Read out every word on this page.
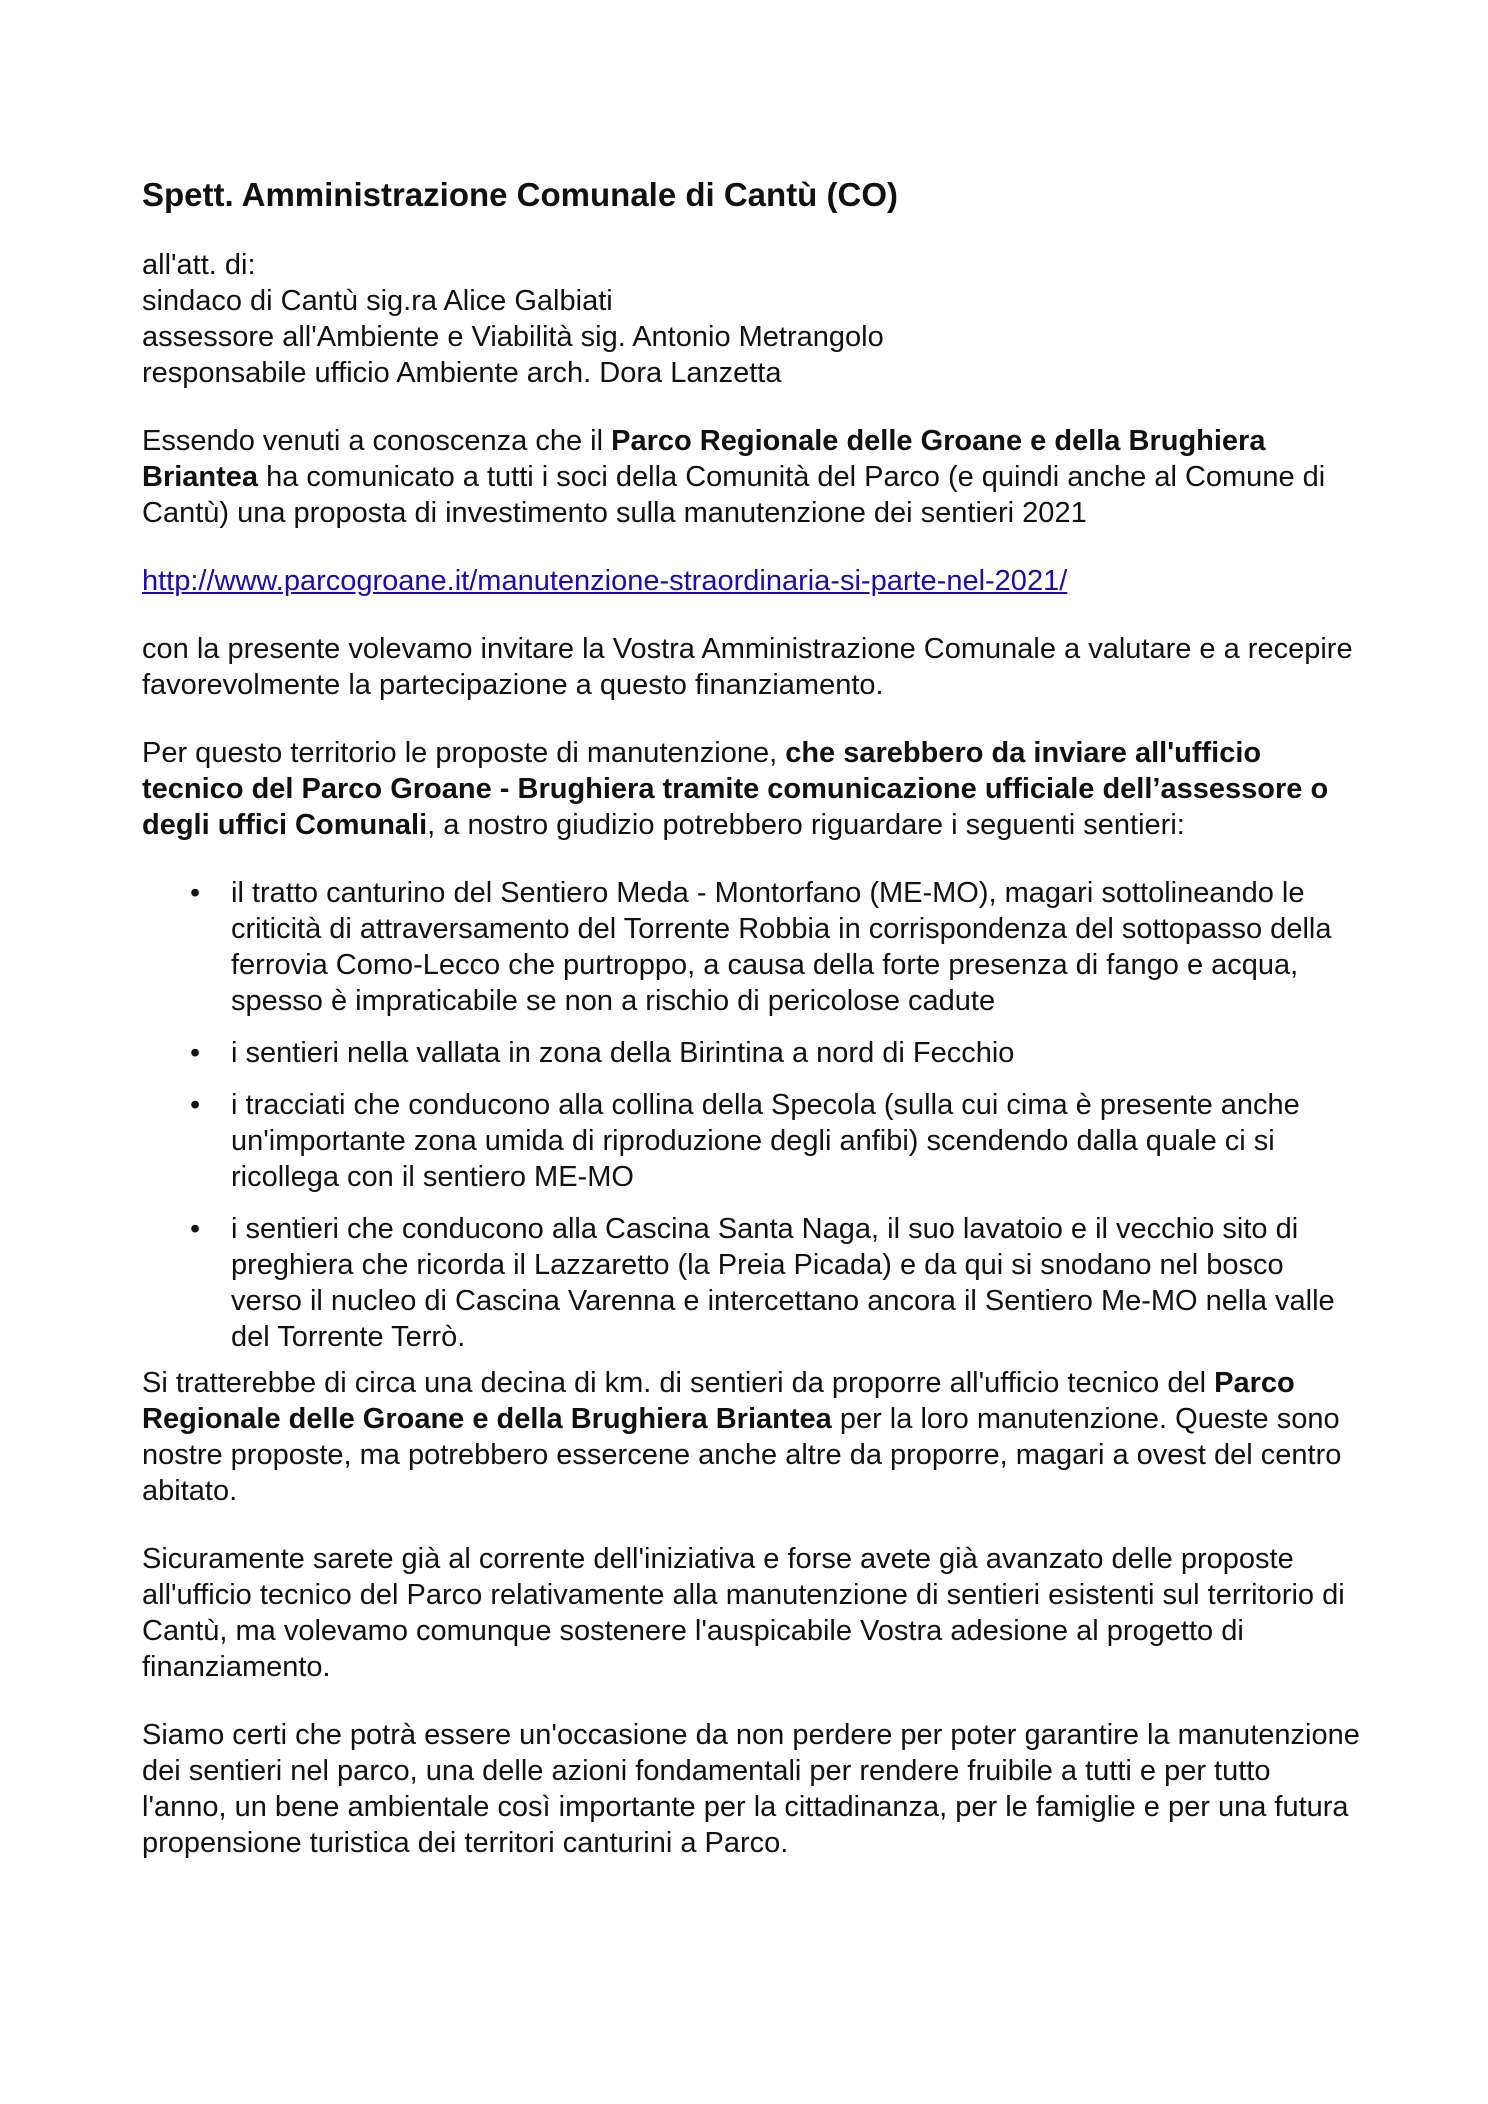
Spett. Amministrazione Comunale di Cantù (CO)

all'att. di:
sindaco di Cantù sig.ra Alice Galbiati
assessore all'Ambiente e Viabilità sig. Antonio Metrangolo
responsabile ufficio Ambiente arch. Dora Lanzetta

Essendo venuti a conoscenza che il Parco Regionale delle Groane e della Brughiera Briantea ha comunicato a tutti i soci della Comunità del Parco (e quindi anche al Comune di Cantù) una proposta di investimento sulla manutenzione dei sentieri 2021

http://www.parcogroane.it/manutenzione-straordinaria-si-parte-nel-2021/

con la presente volevamo invitare la Vostra Amministrazione Comunale a valutare e a recepire favorevolmente la partecipazione a questo finanziamento.

Per questo territorio le proposte di manutenzione, che sarebbero da inviare all'ufficio tecnico del Parco Groane - Brughiera tramite comunicazione ufficiale dell’assessore o degli uffici Comunali, a nostro giudizio potrebbero riguardare i seguenti sentieri:

• il tratto canturino del Sentiero Meda - Montorfano (ME-MO), magari sottolineando le criticità di attraversamento del Torrente Robbia in corrispondenza del sottopasso della ferrovia Como-Lecco che purtroppo, a causa della forte presenza di fango e acqua, spesso è impraticabile se non a rischio di pericolose cadute
• i sentieri nella vallata in zona della Birintina a nord di Fecchio
• i tracciati che conducono alla collina della Specola (sulla cui cima è presente anche un'importante zona umida di riproduzione degli anfibi) scendendo dalla quale ci si ricollega con il sentiero ME-MO
• i sentieri che conducono alla Cascina Santa Naga, il suo lavatoio e il vecchio sito di preghiera che ricorda il Lazzaretto (la Preia Picada) e da qui si snodano nel bosco verso il nucleo di Cascina Varenna e intercettano ancora il Sentiero Me-MO nella valle del Torrente Terrò.

Si tratterebbe di circa una decina di km. di sentieri da proporre all'ufficio tecnico del Parco Regionale delle Groane e della Brughiera Briantea per la loro manutenzione. Queste sono nostre proposte, ma potrebbero essercene anche altre da proporre, magari a ovest del centro abitato.

Sicuramente sarete già al corrente dell'iniziativa e forse avete già avanzato delle proposte all'ufficio tecnico del Parco relativamente alla manutenzione di sentieri esistenti sul territorio di Cantù, ma volevamo comunque sostenere l'auspicabile Vostra adesione al progetto di finanziamento.

Siamo certi che potrà essere un'occasione da non perdere per poter garantire la manutenzione dei sentieri nel parco, una delle azioni fondamentali per rendere fruibile a tutti e per tutto l'anno, un bene ambientale così importante per la cittadinanza, per le famiglie e per una futura propensione turistica dei territori canturini a Parco.
